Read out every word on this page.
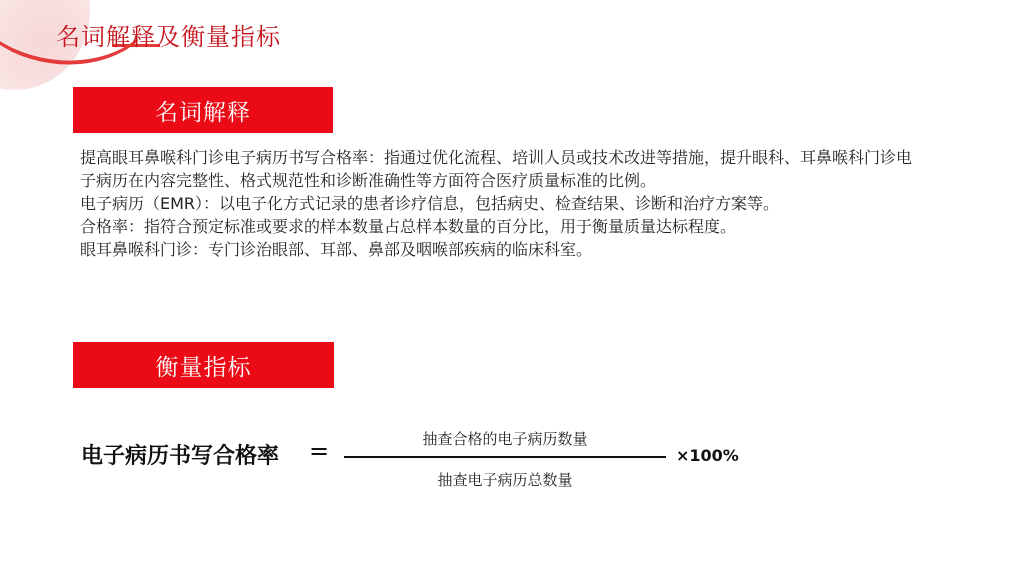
名词解释及衡量指标
名词解释

提高眼耳鼻喉科门诊电子病历书写合格率：指通过优化流程、培训人员或技术改进等措施，提升眼科、耳鼻喉科门诊电子病历在内容完整性、格式规范性和诊断准确性等方面符合医疗质量标准的比例。

电子病历（EMR）：以电子化方式记录的患者诊疗信息，包括病史、检查结果、诊断和治疗方案等。

合格率：指符合预定标准或要求的样本数量占总样本数量的百分比，用于衡量质量达标程度。

眼耳鼻喉科门诊：专门诊治眼部、耳部、鼻部及咽喉部疾病的临床科室。

衡量指标
电子病历书写合格率	=	抽查合格的电子病历数量
抽查电子病历总数量
×100%
